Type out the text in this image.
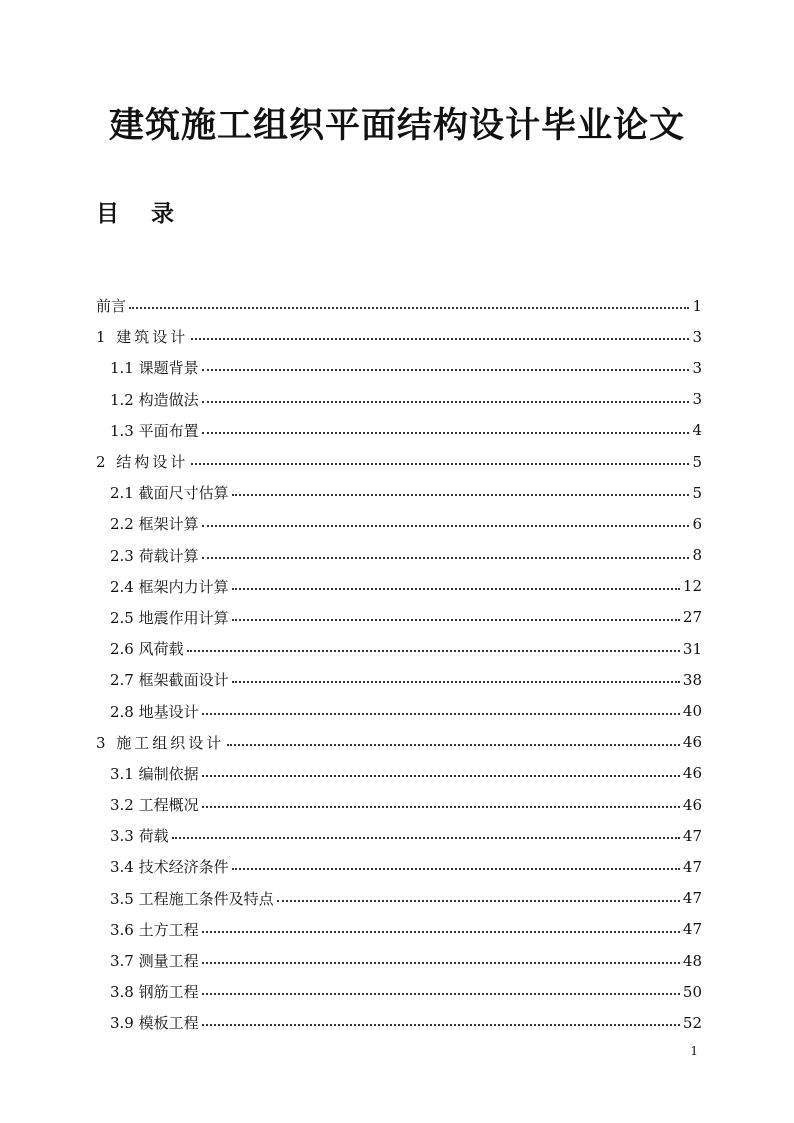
建筑施工组织平面结构设计毕业论文
目 录
前言	1
1 建筑设计	3
1.1 课题背景	3
1.2 构造做法	3
1.3 平面布置	4
2 结构设计	5
2.1 截面尺寸估算	5
2.2 框架计算	6
2.3 荷载计算	8
2.4 框架内力计算	12
2.5 地震作用计算	27
2.6 风荷载	31
2.7 框架截面设计	38
2.8 地基设计	40
3 施工组织设计	46
3.1 编制依据	46
3.2 工程概况	46
3.3 荷载	47
3.4 技术经济条件	47
3.5 工程施工条件及特点	47
3.6 土方工程	47
3.7 测量工程	48
3.8 钢筋工程	50
3.9 模板工程	52
1
